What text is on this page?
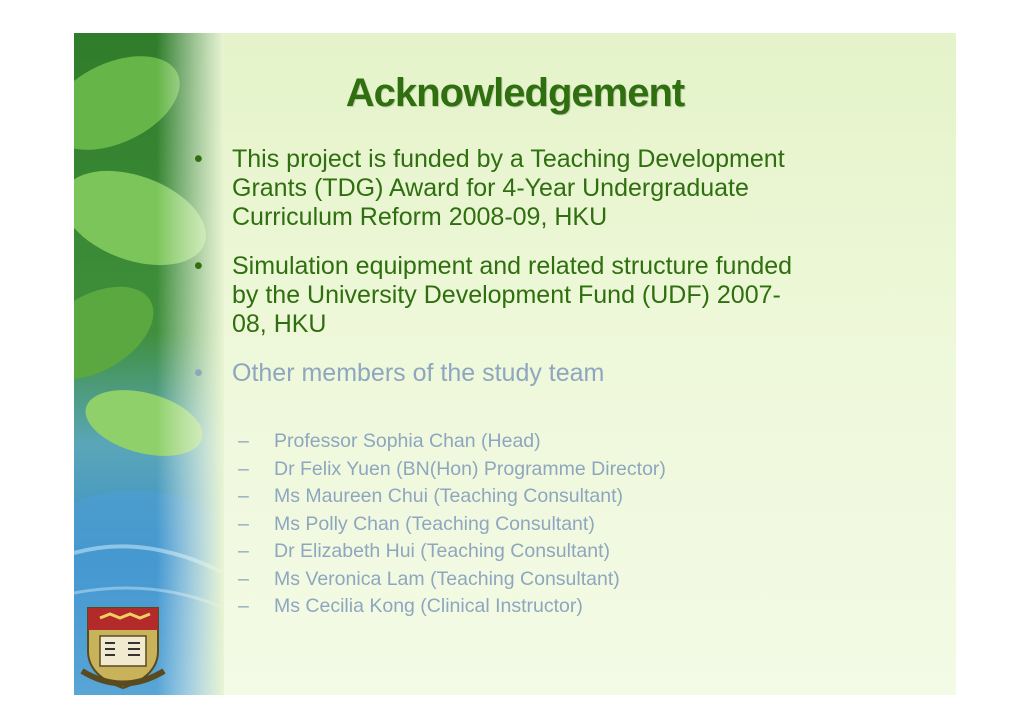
Acknowledgement
• This project is funded by a Teaching Development
Grants (TDG) Award for 4-Year Undergraduate
Curriculum Reform 2008-09, HKU
• Simulation equipment and related structure funded
by the University Development Fund (UDF) 2007-
08, HKU
• Other members of the study team
– Professor Sophia Chan (Head)
– Dr Felix Yuen (BN(Hon) Programme Director)
– Ms Maureen Chui (Teaching Consultant)
– Ms Polly Chan (Teaching Consultant)
– Dr Elizabeth Hui (Teaching Consultant)
– Ms Veronica Lam (Teaching Consultant)
– Ms Cecilia Kong (Clinical Instructor)
